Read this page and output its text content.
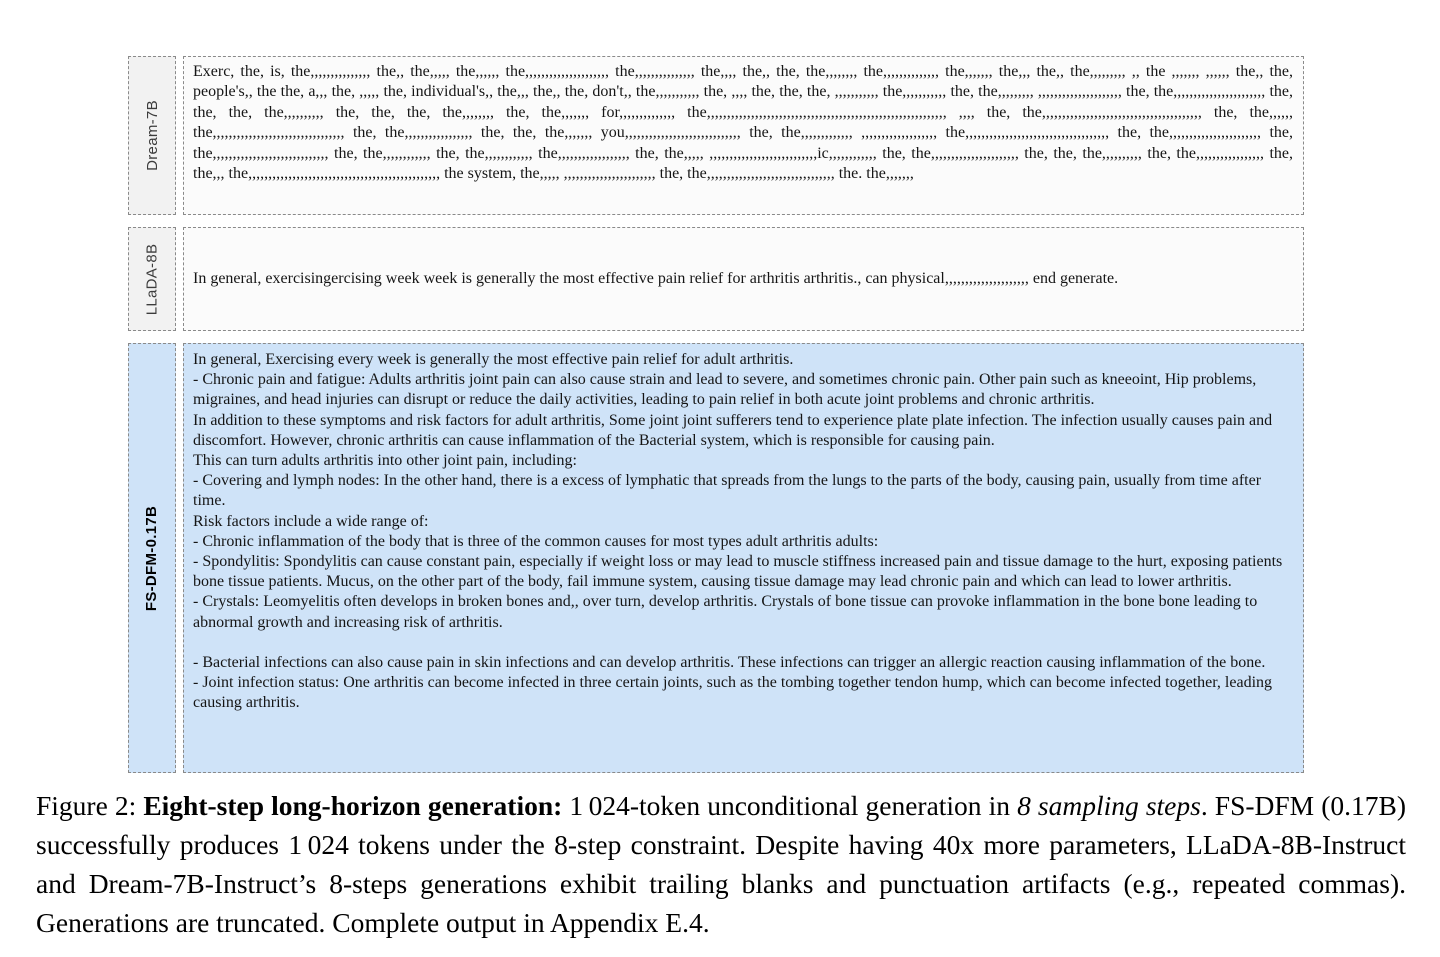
Dream-7B
Exerc, the, is, the,,,,,,,,,,,,,,, the,, the,,,,, the,,,,,, the,,,,,,,,,,,,,,,,,,,,, the,,,,,,,,,,,,,,, the,,,, the,, the, the,,,,,,,, the,,,,,,,,,,,,,, the,,,,,,, the,,, the,, the,,,,,,,,, ,, the ,,,,,,, ,,,,,, the,, the, people's,, the the, a,,, the, ,,,,, the, individual's,, the,,, the,, the, don't,, the,,,,,,,,,,, the, ,,,, the, the, the, ,,,,,,,,,,, the,,,,,,,,,,, the, the,,,,,,,,, ,,,,,,,,,,,,,,,,,,,,, the, the,,,,,,,,,,,,,,,,,,,,,,, the, the, the, the,,,,,,,,,, the, the, the, the,,,,,,,, the, the,,,,,,, for,,,,,,,,,,,,,, the,,,,,,,,,,,,,,,,,,,,,,,,,,,,,,,,,,,,,,,,,,,,,,,,,,,,,,,,,,,, ,,,, the, the,,,,,,,,,,,,,,,,,,,,,,,,,,,,,,,,,,,,,,,, the, the,,,,,, the,,,,,,,,,,,,,,,,,,,,,,,,,,,,,,,,, the, the,,,,,,,,,,,,,,,,, the, the, the,,,,,,, you,,,,,,,,,,,,,,,,,,,,,,,,,,,,, the, the,,,,,,,,,,,,, ,,,,,,,,,,,,,,,,,,, the,,,,,,,,,,,,,,,,,,,,,,,,,,,,,,,,,,,, the, the,,,,,,,,,,,,,,,,,,,,,,, the, the,,,,,,,,,,,,,,,,,,,,,,,,,,,,, the, the,,,,,,,,,,,, the, the,,,,,,,,,,,, the,,,,,,,,,,,,,,,,,, the, the,,,,, ,,,,,,,,,,,,,,,,,,,,,,,,,,,ic,,,,,,,,,,,, the, the,,,,,,,,,,,,,,,,,,,,,, the, the, the,,,,,,,,,, the, the,,,,,,,,,,,,,,,,, the, the,,, the,,,,,,,,,,,,,,,,,,,,,,,,,,,,,,,,,,,,,,,,,,,,,,,, the system, the,,,,, ,,,,,,,,,,,,,,,,,,,,,,, the, the,,,,,,,,,,,,,,,,,,,,,,,,,,,,,,,, the. the,,,,,,,
LLaDA-8B In general, exercisingercising week week is generally the most effective pain relief for arthritis arthritis., can physical,,,,,,,,,,,,,,,,,,,,, end generate.
FS-DFM-0.17B
In general, Exercising every week is generally the most effective pain relief for adult arthritis.
- Chronic pain and fatigue: Adults arthritis joint pain can also cause strain and lead to severe, and sometimes chronic pain. Other pain such as kneeoint, Hip problems, migraines, and head injuries can disrupt or reduce the daily activities, leading to pain relief in both acute joint problems and chronic arthritis.
In addition to these symptoms and risk factors for adult arthritis, Some joint joint sufferers tend to experience plate plate infection. The infection usually causes pain and discomfort. However, chronic arthritis can cause inflammation of the Bacterial system, which is responsible for causing pain.
This can turn adults arthritis into other joint pain, including:
- Covering and lymph nodes: In the other hand, there is a excess of lymphatic that spreads from the lungs to the parts of the body, causing pain, usually from time after time.
Risk factors include a wide range of:
- Chronic inflammation of the body that is three of the common causes for most types adult arthritis adults:
- Spondylitis: Spondylitis can cause constant pain, especially if weight loss or may lead to muscle stiffness increased pain and tissue damage to the hurt, exposing patients bone tissue patients. Mucus, on the other part of the body, fail immune system, causing tissue damage may lead chronic pain and which can lead to lower arthritis.
- Crystals: Leomyelitis often develops in broken bones and,, over turn, develop arthritis. Crystals of bone tissue can provoke inflammation in the bone bone leading to abnormal growth and increasing risk of arthritis.

- Bacterial infections can also cause pain in skin infections and can develop arthritis. These infections can trigger an allergic reaction causing inflammation of the bone.
- Joint infection status: One arthritis can become infected in three certain joints, such as the tombing together tendon hump, which can become infected together, leading causing arthritis.
Figure 2: Eight-step long-horizon generation: 1 024-token unconditional generation in 8 sampling steps. FS-DFM (0.17B) successfully produces 1 024 tokens under the 8-step constraint. Despite having 40x more parameters, LLaDA-8B-Instruct and Dream-7B-Instruct’s 8-steps generations exhibit trailing blanks and punctuation artifacts (e.g., repeated commas). Generations are truncated. Complete output in Appendix E.4.
